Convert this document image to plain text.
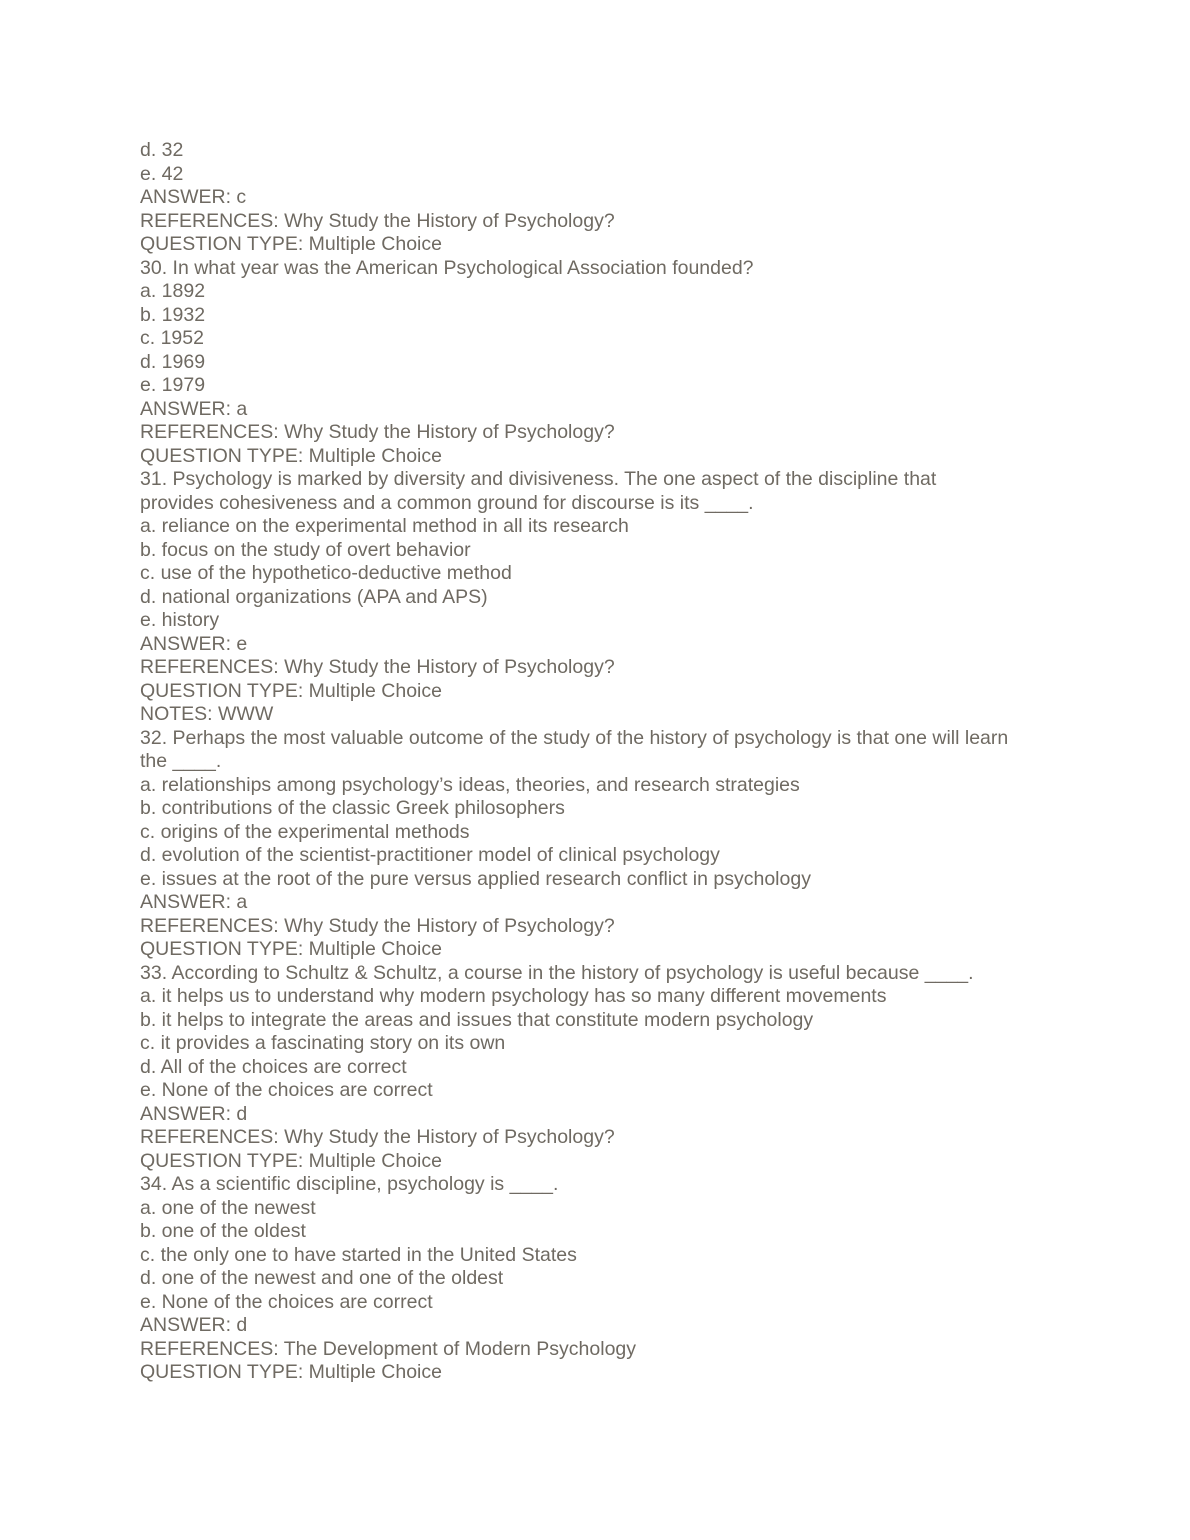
d. 32

e. 42

ANSWER: c

REFERENCES: Why Study the History of Psychology?

QUESTION TYPE: Multiple Choice

30. In what year was the American Psychological Association founded?

a. 1892

b. 1932

c. 1952

d. 1969

e. 1979

ANSWER: a

REFERENCES: Why Study the History of Psychology?

QUESTION TYPE: Multiple Choice

31. Psychology is marked by diversity and divisiveness. The one aspect of the discipline that

provides cohesiveness and a common ground for discourse is its ____.

a. reliance on the experimental method in all its research

b. focus on the study of overt behavior

c. use of the hypothetico-deductive method

d. national organizations (APA and APS)

e. history

ANSWER: e

REFERENCES: Why Study the History of Psychology?

QUESTION TYPE: Multiple Choice

NOTES: WWW

32. Perhaps the most valuable outcome of the study of the history of psychology is that one will learn

the ____.

a. relationships among psychology’s ideas, theories, and research strategies

b. contributions of the classic Greek philosophers

c. origins of the experimental methods

d. evolution of the scientist-practitioner model of clinical psychology

e. issues at the root of the pure versus applied research conflict in psychology

ANSWER: a

REFERENCES: Why Study the History of Psychology?

QUESTION TYPE: Multiple Choice

33. According to Schultz & Schultz, a course in the history of psychology is useful because ____.

a. it helps us to understand why modern psychology has so many different movements

b. it helps to integrate the areas and issues that constitute modern psychology

c. it provides a fascinating story on its own

d. All of the choices are correct

e. None of the choices are correct

ANSWER: d

REFERENCES: Why Study the History of Psychology?

QUESTION TYPE: Multiple Choice

34. As a scientific discipline, psychology is ____.

a. one of the newest

b. one of the oldest

c. the only one to have started in the United States

d. one of the newest and one of the oldest

e. None of the choices are correct

ANSWER: d

REFERENCES: The Development of Modern Psychology

QUESTION TYPE: Multiple Choice
